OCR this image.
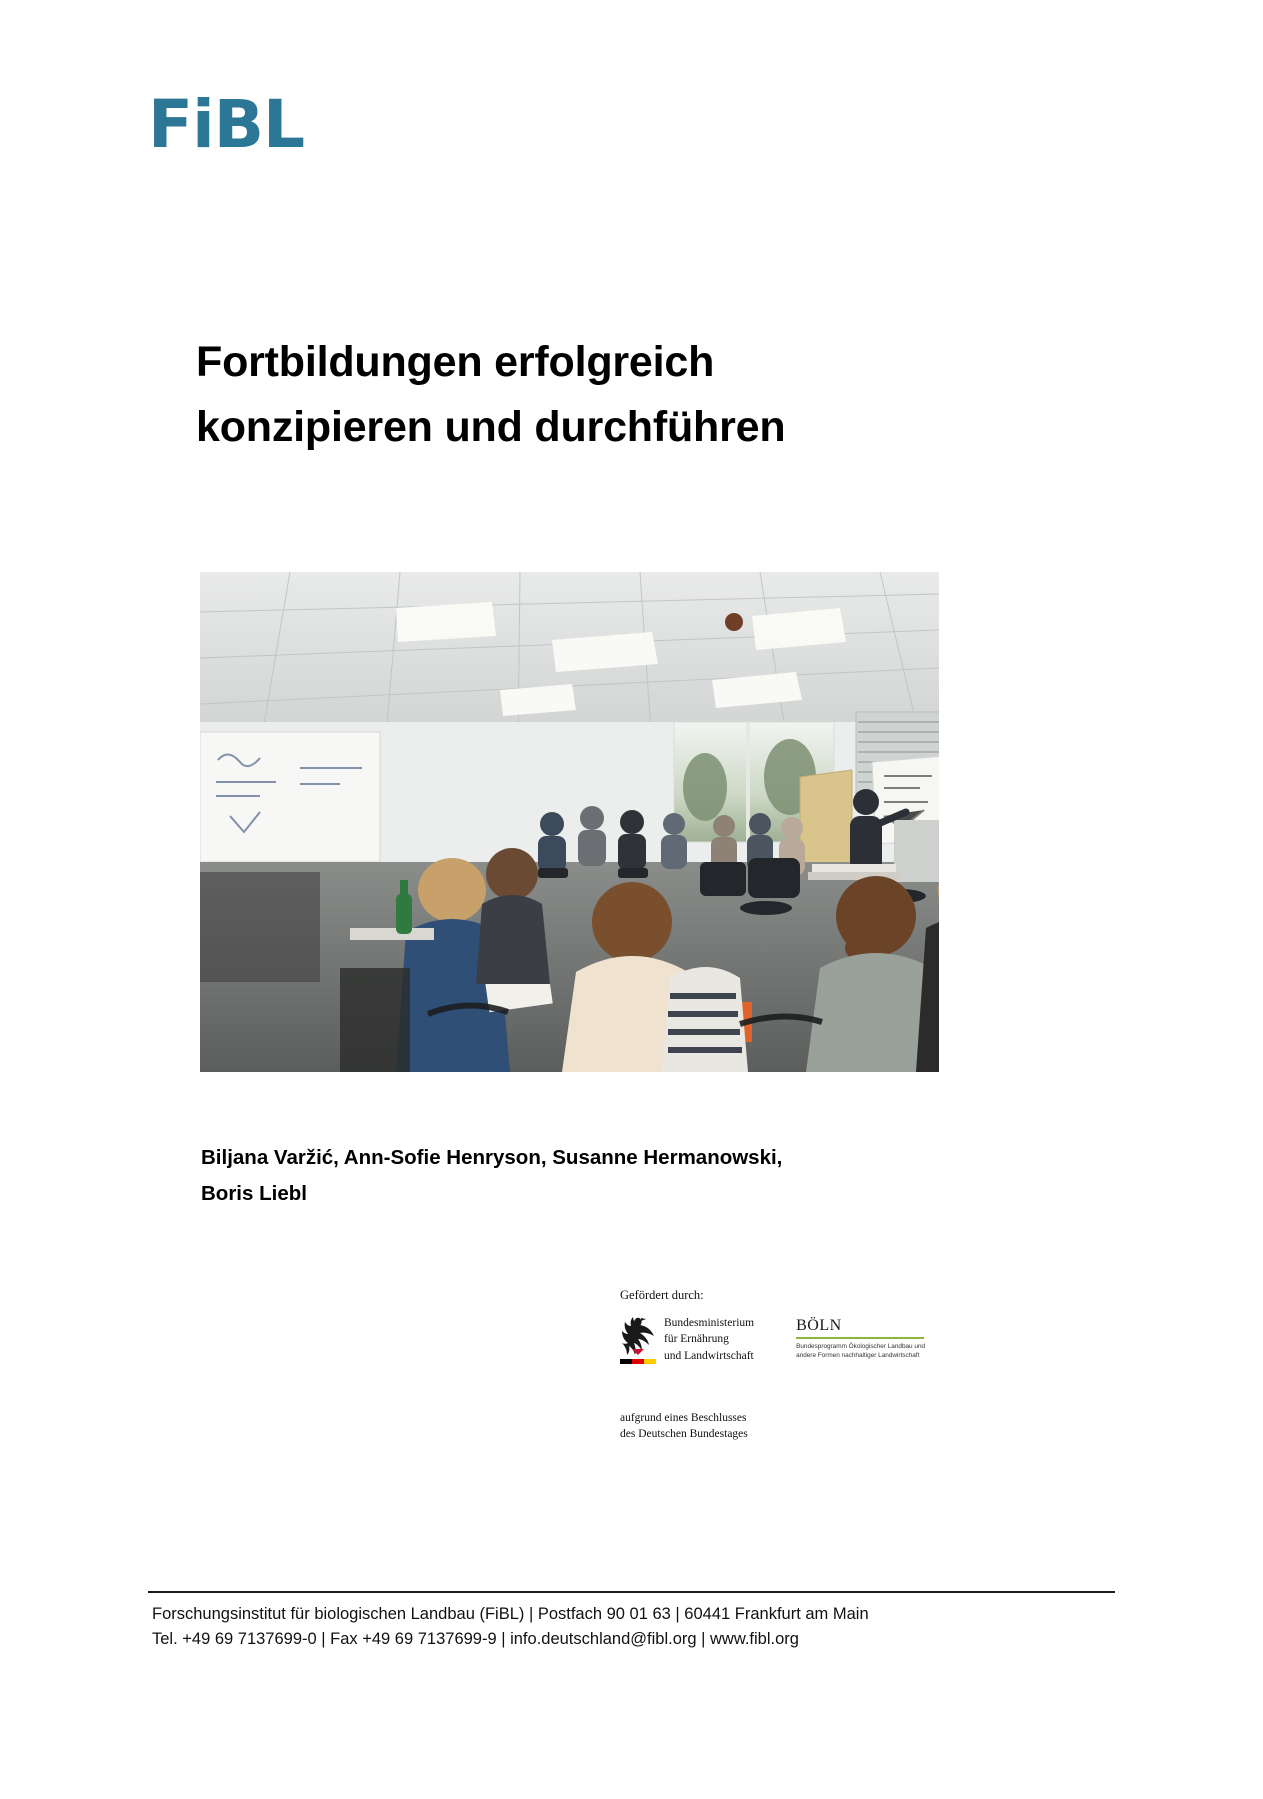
FiBL
Fortbildungen erfolgreich
konzipieren und durchführen
Biljana Varžić, Ann-Sofie Henryson, Susanne Hermanowski,
Boris Liebl
Gefördert durch:
Bundesministerium
für Ernährung
und Landwirtschaft
BÖLN
Bundesprogramm Ökologischer Landbau und andere Formen nachhaltiger Landwirtschaft
aufgrund eines Beschlusses
des Deutschen Bundestages
Forschungsinstitut für biologischen Landbau (FiBL) | Postfach 90 01 63 | 60441 Frankfurt am Main
Tel. +49 69 7137699-0 | Fax +49 69 7137699-9 | info.deutschland@fibl.org | www.fibl.org
